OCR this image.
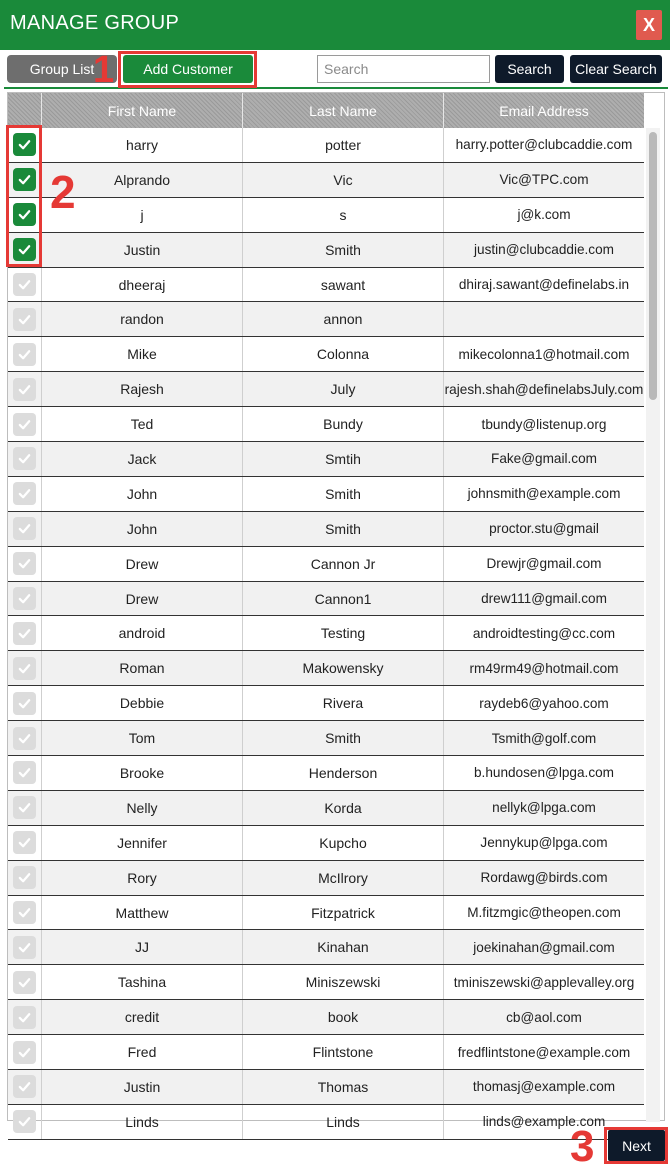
MANAGE GROUP	X
Group List	Add Customer
Search	Search	Clear Search
First Name	Last Name	Email Address
harry	potter	harry.potter@clubcaddie.com
Alprando	Vic	Vic@TPC.com
j	s	j@k.com
Justin	Smith	justin@clubcaddie.com
dheeraj	sawant	dhiraj.sawant@definelabs.in
randon	annon
Mike	Colonna	mikecolonna1@hotmail.com
Rajesh	July	rajesh.shah@definelabsJuly.com
Ted	Bundy	tbundy@listenup.org
Jack	Smtih	Fake@gmail.com
John	Smith	johnsmith@example.com
John	Smith	proctor.stu@gmail
Drew	Cannon Jr	Drewjr@gmail.com
Drew	Cannon1	drew111@gmail.com
android	Testing	androidtesting@cc.com
Roman	Makowensky	rm49rm49@hotmail.com
Debbie	Rivera	raydeb6@yahoo.com
Tom	Smith	Tsmith@golf.com
Brooke	Henderson	b.hundosen@lpga.com
Nelly	Korda	nellyk@lpga.com
Jennifer	Kupcho	Jennykup@lpga.com
Rory	McIlrory	Rordawg@birds.com
Matthew	Fitzpatrick	M.fitzmgic@theopen.com
JJ	Kinahan	joekinahan@gmail.com
Tashina	Miniszewski	tminiszewski@applevalley.org
credit	book	cb@aol.com
Fred	Flintstone	fredflintstone@example.com
Justin	Thomas	thomasj@example.com
Linds	Linds	linds@example.com
1
2
3	Next
